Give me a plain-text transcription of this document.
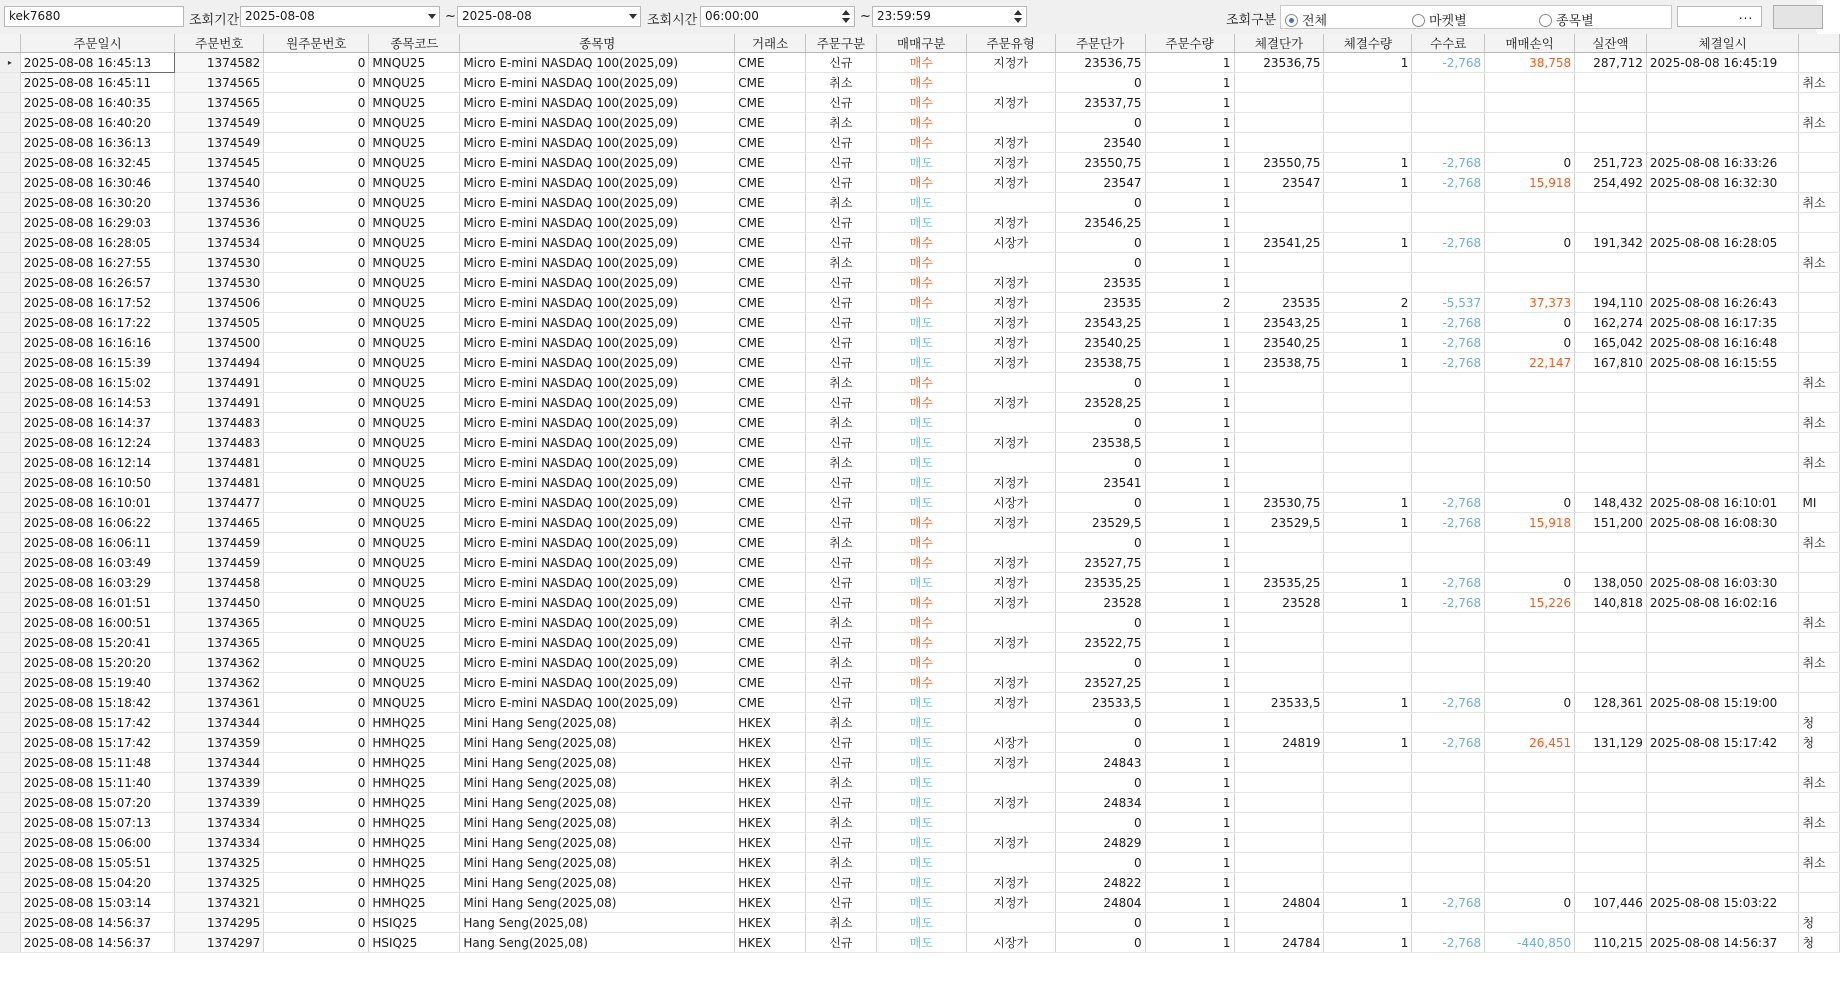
kek7680	조회기간 2025-08-08	~ 2025-08-08	조회시간 06:00:00	~ 23:59:59	조회구분	전체	마켓별	종목별	...
	주문일시	주문번호	원주문번호	종목코드	종목명	거래소	주문구분	매매구분	주문유형	주문단가	주문수량	체결단가	체결수량	수수료	매매손익	실잔액	체결일시	
▸	2025-08-08 16:45:13	1374582	0	MNQU25	Micro E-mini NASDAQ 100(2025,09)	CME	신규	매수	지정가	23536,75	1	23536,75	1	-2,768	38,758	287,712	2025-08-08 16:45:19	
	2025-08-08 16:45:11	1374565	0	MNQU25	Micro E-mini NASDAQ 100(2025,09)	CME	취소	매수		0	1							취소
	2025-08-08 16:40:35	1374565	0	MNQU25	Micro E-mini NASDAQ 100(2025,09)	CME	신규	매수	지정가	23537,75	1							
	2025-08-08 16:40:20	1374549	0	MNQU25	Micro E-mini NASDAQ 100(2025,09)	CME	취소	매수		0	1							취소
	2025-08-08 16:36:13	1374549	0	MNQU25	Micro E-mini NASDAQ 100(2025,09)	CME	신규	매수	지정가	23540	1							
	2025-08-08 16:32:45	1374545	0	MNQU25	Micro E-mini NASDAQ 100(2025,09)	CME	신규	매도	지정가	23550,75	1	23550,75	1	-2,768	0	251,723	2025-08-08 16:33:26	
	2025-08-08 16:30:46	1374540	0	MNQU25	Micro E-mini NASDAQ 100(2025,09)	CME	신규	매수	지정가	23547	1	23547	1	-2,768	15,918	254,492	2025-08-08 16:32:30	
	2025-08-08 16:30:20	1374536	0	MNQU25	Micro E-mini NASDAQ 100(2025,09)	CME	취소	매도		0	1							취소
	2025-08-08 16:29:03	1374536	0	MNQU25	Micro E-mini NASDAQ 100(2025,09)	CME	신규	매도	지정가	23546,25	1							
	2025-08-08 16:28:05	1374534	0	MNQU25	Micro E-mini NASDAQ 100(2025,09)	CME	신규	매수	시장가	0	1	23541,25	1	-2,768	0	191,342	2025-08-08 16:28:05	
	2025-08-08 16:27:55	1374530	0	MNQU25	Micro E-mini NASDAQ 100(2025,09)	CME	취소	매수		0	1							취소
	2025-08-08 16:26:57	1374530	0	MNQU25	Micro E-mini NASDAQ 100(2025,09)	CME	신규	매수	지정가	23535	1							
	2025-08-08 16:17:52	1374506	0	MNQU25	Micro E-mini NASDAQ 100(2025,09)	CME	신규	매수	지정가	23535	2	23535	2	-5,537	37,373	194,110	2025-08-08 16:26:43	
	2025-08-08 16:17:22	1374505	0	MNQU25	Micro E-mini NASDAQ 100(2025,09)	CME	신규	매도	지정가	23543,25	1	23543,25	1	-2,768	0	162,274	2025-08-08 16:17:35	
	2025-08-08 16:16:16	1374500	0	MNQU25	Micro E-mini NASDAQ 100(2025,09)	CME	신규	매도	지정가	23540,25	1	23540,25	1	-2,768	0	165,042	2025-08-08 16:16:48	
	2025-08-08 16:15:39	1374494	0	MNQU25	Micro E-mini NASDAQ 100(2025,09)	CME	신규	매도	지정가	23538,75	1	23538,75	1	-2,768	22,147	167,810	2025-08-08 16:15:55	
	2025-08-08 16:15:02	1374491	0	MNQU25	Micro E-mini NASDAQ 100(2025,09)	CME	취소	매수		0	1							취소
	2025-08-08 16:14:53	1374491	0	MNQU25	Micro E-mini NASDAQ 100(2025,09)	CME	신규	매수	지정가	23528,25	1							
	2025-08-08 16:14:37	1374483	0	MNQU25	Micro E-mini NASDAQ 100(2025,09)	CME	취소	매도		0	1							취소
	2025-08-08 16:12:24	1374483	0	MNQU25	Micro E-mini NASDAQ 100(2025,09)	CME	신규	매도	지정가	23538,5	1							
	2025-08-08 16:12:14	1374481	0	MNQU25	Micro E-mini NASDAQ 100(2025,09)	CME	취소	매도		0	1							취소
	2025-08-08 16:10:50	1374481	0	MNQU25	Micro E-mini NASDAQ 100(2025,09)	CME	신규	매도	지정가	23541	1							
	2025-08-08 16:10:01	1374477	0	MNQU25	Micro E-mini NASDAQ 100(2025,09)	CME	신규	매도	시장가	0	1	23530,75	1	-2,768	0	148,432	2025-08-08 16:10:01	MI
	2025-08-08 16:06:22	1374465	0	MNQU25	Micro E-mini NASDAQ 100(2025,09)	CME	신규	매수	지정가	23529,5	1	23529,5	1	-2,768	15,918	151,200	2025-08-08 16:08:30	
	2025-08-08 16:06:11	1374459	0	MNQU25	Micro E-mini NASDAQ 100(2025,09)	CME	취소	매수		0	1							취소
	2025-08-08 16:03:49	1374459	0	MNQU25	Micro E-mini NASDAQ 100(2025,09)	CME	신규	매수	지정가	23527,75	1							
	2025-08-08 16:03:29	1374458	0	MNQU25	Micro E-mini NASDAQ 100(2025,09)	CME	신규	매도	지정가	23535,25	1	23535,25	1	-2,768	0	138,050	2025-08-08 16:03:30	
	2025-08-08 16:01:51	1374450	0	MNQU25	Micro E-mini NASDAQ 100(2025,09)	CME	신규	매수	지정가	23528	1	23528	1	-2,768	15,226	140,818	2025-08-08 16:02:16	
	2025-08-08 16:00:51	1374365	0	MNQU25	Micro E-mini NASDAQ 100(2025,09)	CME	취소	매수		0	1							취소
	2025-08-08 15:20:41	1374365	0	MNQU25	Micro E-mini NASDAQ 100(2025,09)	CME	신규	매수	지정가	23522,75	1							
	2025-08-08 15:20:20	1374362	0	MNQU25	Micro E-mini NASDAQ 100(2025,09)	CME	취소	매수		0	1							취소
	2025-08-08 15:19:40	1374362	0	MNQU25	Micro E-mini NASDAQ 100(2025,09)	CME	신규	매수	지정가	23527,25	1							
	2025-08-08 15:18:42	1374361	0	MNQU25	Micro E-mini NASDAQ 100(2025,09)	CME	신규	매도	지정가	23533,5	1	23533,5	1	-2,768	0	128,361	2025-08-08 15:19:00	
	2025-08-08 15:17:42	1374344	0	HMHQ25	Mini Hang Seng(2025,08)	HKEX	취소	매도		0	1							청
	2025-08-08 15:17:42	1374359	0	HMHQ25	Mini Hang Seng(2025,08)	HKEX	신규	매도	시장가	0	1	24819	1	-2,768	26,451	131,129	2025-08-08 15:17:42	청
	2025-08-08 15:11:48	1374344	0	HMHQ25	Mini Hang Seng(2025,08)	HKEX	신규	매도	지정가	24843	1							
	2025-08-08 15:11:40	1374339	0	HMHQ25	Mini Hang Seng(2025,08)	HKEX	취소	매도		0	1							취소
	2025-08-08 15:07:20	1374339	0	HMHQ25	Mini Hang Seng(2025,08)	HKEX	신규	매도	지정가	24834	1							
	2025-08-08 15:07:13	1374334	0	HMHQ25	Mini Hang Seng(2025,08)	HKEX	취소	매도		0	1							취소
	2025-08-08 15:06:00	1374334	0	HMHQ25	Mini Hang Seng(2025,08)	HKEX	신규	매도	지정가	24829	1							
	2025-08-08 15:05:51	1374325	0	HMHQ25	Mini Hang Seng(2025,08)	HKEX	취소	매도		0	1							취소
	2025-08-08 15:04:20	1374325	0	HMHQ25	Mini Hang Seng(2025,08)	HKEX	신규	매도	지정가	24822	1							
	2025-08-08 15:03:14	1374321	0	HMHQ25	Mini Hang Seng(2025,08)	HKEX	신규	매도	지정가	24804	1	24804	1	-2,768	0	107,446	2025-08-08 15:03:22	
	2025-08-08 14:56:37	1374295	0	HSIQ25	Hang Seng(2025,08)	HKEX	취소	매도		0	1							청
	2025-08-08 14:56:37	1374297	0	HSIQ25	Hang Seng(2025,08)	HKEX	신규	매도	시장가	0	1	24784	1	-2,768	-440,850	110,215	2025-08-08 14:56:37	청
